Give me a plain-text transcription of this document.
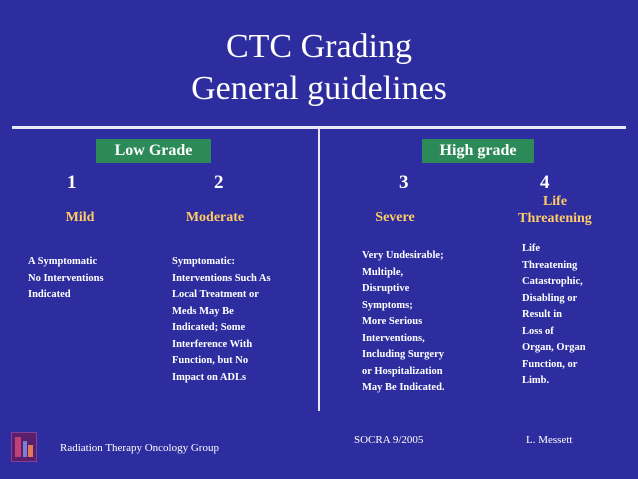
CTC Grading
General guidelines
Low Grade	High grade
1
Mild

A Symptomatic
No Interventions
Indicated

2
Moderate

Symptomatic:
Interventions Such As
Local Treatment or
Meds May Be
Indicated; Some
Interference With
Function, but No
Impact on ADLs

3
Severe

Very Undesirable;
Multiple,
Disruptive
Symptoms;
More Serious
Interventions,
Including Surgery
or Hospitalization
May Be Indicated.

4
Life
Threatening

Life
Threatening
Catastrophic,
Disabling or
Result in
Loss of
Organ, Organ
Function, or
Limb.

Radiation Therapy Oncology Group
SOCRA 9/2005	L. Messett
